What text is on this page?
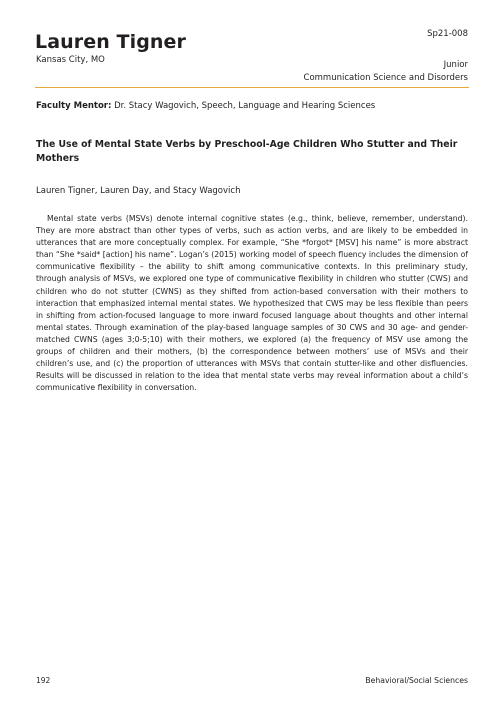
Lauren Tigner
Kansas City, MO
Sp21-008
Junior
Communication Science and Disorders
Faculty Mentor: Dr. Stacy Wagovich, Speech, Language and Hearing Sciences
The Use of Mental State Verbs by Preschool-Age Children Who Stutter and Their Mothers
Lauren Tigner, Lauren Day, and Stacy Wagovich

Mental state verbs (MSVs) denote internal cognitive states (e.g., think, believe, remember, understand). They are more abstract than other types of verbs, such as action verbs, and are likely to be embedded in utterances that are more conceptually complex. For example, “She *forgot* [MSV] his name” is more abstract than “She *said* [action] his name”. Logan’s (2015) working model of speech fluency includes the dimension of communicative flexibility – the ability to shift among communicative contexts. In this preliminary study, through analysis of MSVs, we explored one type of communicative flexibility in children who stutter (CWS) and children who do not stutter (CWNS) as they shifted from action-based conversation with their mothers to interaction that emphasized internal mental states. We hypothesized that CWS may be less flexible than peers in shifting from action-focused language to more inward focused language about thoughts and other internal mental states. Through examination of the play-based language samples of 30 CWS and 30 age- and gender-matched CWNS (ages 3;0-5;10) with their mothers, we explored (a) the frequency of MSV use among the groups of children and their mothers, (b) the correspondence between mothers’ use of MSVs and their children’s use, and (c) the proportion of utterances with MSVs that contain stutter-like and other disfluencies. Results will be discussed in relation to the idea that mental state verbs may reveal information about a child’s communicative flexibility in conversation.

192	Behavioral/Social Sciences
